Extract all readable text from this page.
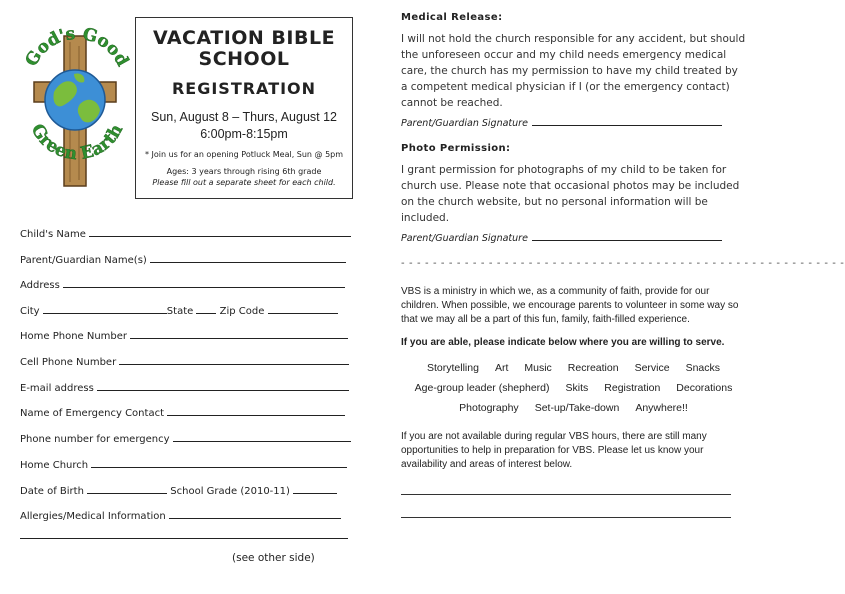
God's Good
Green Earth
VACATION BIBLE SCHOOL
REGISTRATION
Sun, August 8 – Thurs, August 12
6:00pm-8:15pm
* Join us for an opening Potluck Meal, Sun @ 5pm
Ages: 3 years through rising 6th grade
Please fill out a separate sheet for each child.
Child's Name
Parent/Guardian Name(s)
Address
City	State	Zip Code
Home Phone Number
Cell Phone Number
E-mail address
Name of Emergency Contact
Phone number for emergency
Home Church
Date of Birth	School Grade (2010-11)
Allergies/Medical Information
(see other side)
Medical Release:
I will not hold the church responsible for any accident, but should the unforeseen occur and my child needs emergency medical care, the church has my permission to have my child treated by a competent medical physician if I (or the emergency contact) cannot be reached.
Parent/Guardian Signature
Photo Permission:
I grant permission for photographs of my child to be taken for church use. Please note that occasional photos may be included on the church website, but no personal information will be included.
Parent/Guardian Signature
- - - - - - - - - - - - - - - - - - - - - - - - - - - - - - - - - - - - - - - - - - - - - - - - - - - - - - - -
VBS is a ministry in which we, as a community of faith, provide for our children. When possible, we encourage parents to volunteer in some way so that we may all be a part of this fun, family, faith-filled experience.
If you are able, please indicate below where you are willing to serve.
Storytelling Art Music Recreation Service Snacks
Age-group leader (shepherd) Skits Registration Decorations
Photography Set-up/Take-down Anywhere!!
If you are not available during regular VBS hours, there are still many opportunities to help in preparation for VBS. Please let us know your availability and areas of interest below.
